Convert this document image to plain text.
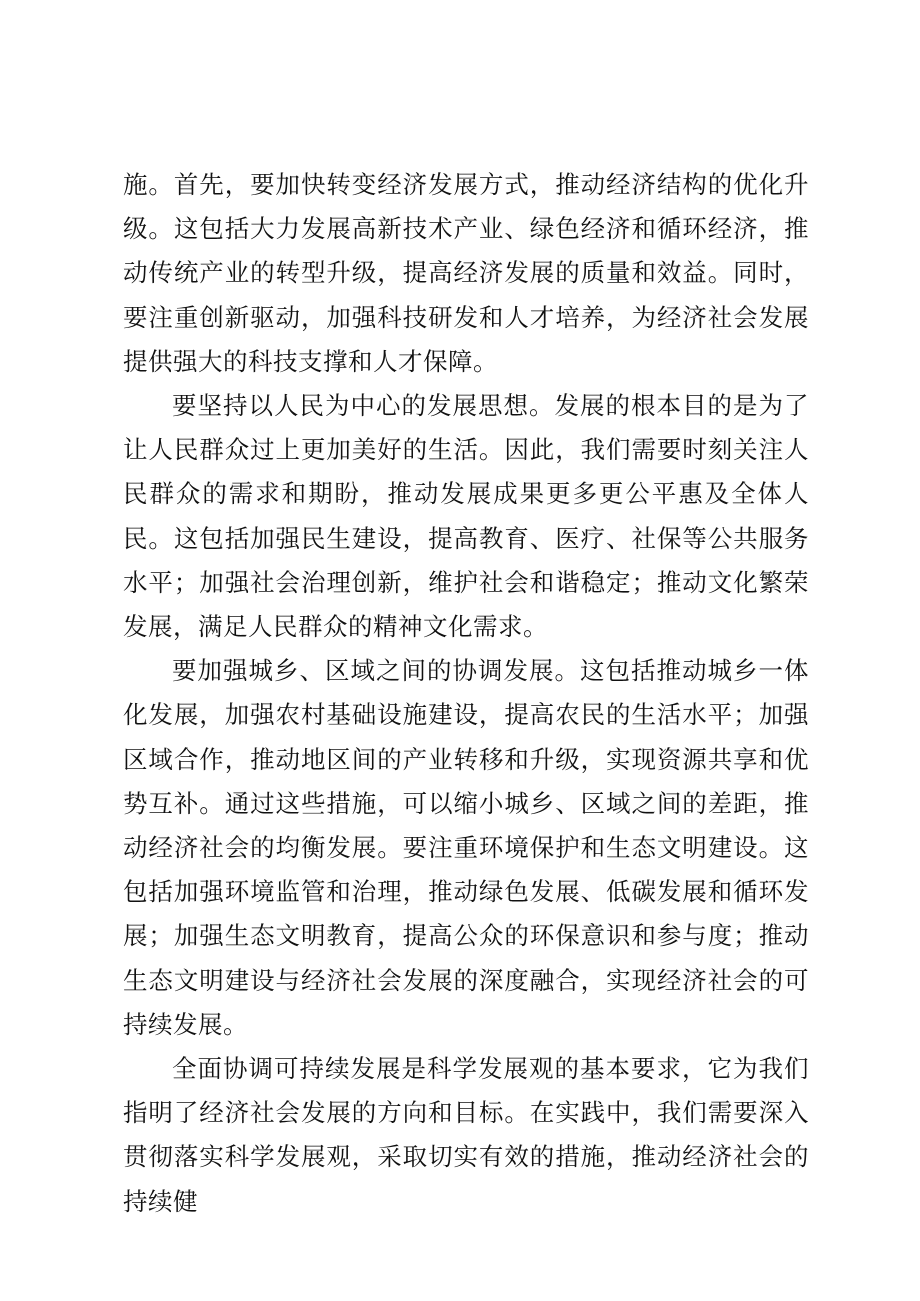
施。首先，要加快转变经济发展方式，推动经济结构的优化升级。这包括大力发展高新技术产业、绿色经济和循环经济，推动传统产业的转型升级，提高经济发展的质量和效益。同时，要注重创新驱动，加强科技研发和人才培养，为经济社会发展提供强大的科技支撑和人才保障。

要坚持以人民为中心的发展思想。发展的根本目的是为了让人民群众过上更加美好的生活。因此，我们需要时刻关注人民群众的需求和期盼，推动发展成果更多更公平惠及全体人民。这包括加强民生建设，提高教育、医疗、社保等公共服务水平；加强社会治理创新，维护社会和谐稳定；推动文化繁荣发展，满足人民群众的精神文化需求。

要加强城乡、区域之间的协调发展。这包括推动城乡一体化发展，加强农村基础设施建设，提高农民的生活水平；加强区域合作，推动地区间的产业转移和升级，实现资源共享和优势互补。通过这些措施，可以缩小城乡、区域之间的差距，推动经济社会的均衡发展。要注重环境保护和生态文明建设。这包括加强环境监管和治理，推动绿色发展、低碳发展和循环发展；加强生态文明教育，提高公众的环保意识和参与度；推动生态文明建设与经济社会发展的深度融合，实现经济社会的可持续发展。

全面协调可持续发展是科学发展观的基本要求，它为我们指明了经济社会发展的方向和目标。在实践中，我们需要深入贯彻落实科学发展观，采取切实有效的措施，推动经济社会的持续健
